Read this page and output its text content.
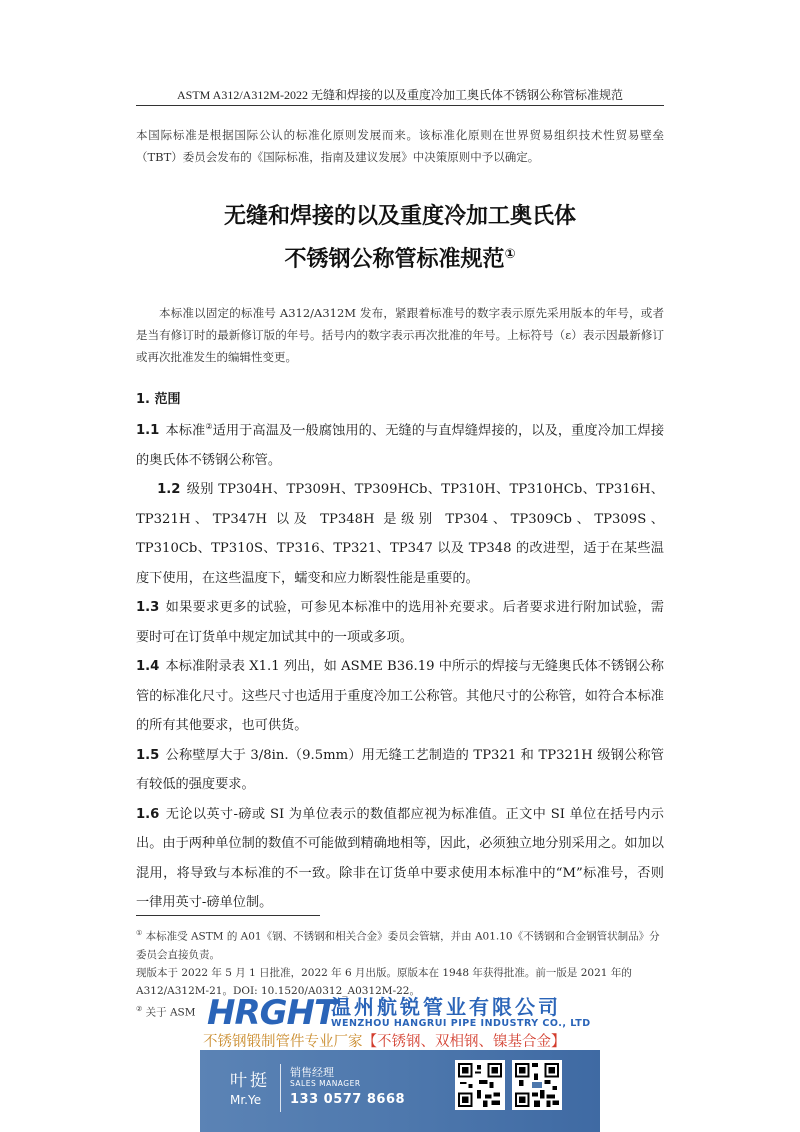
ASTM A312/A312M-2022 无缝和焊接的以及重度冷加工奥氏体不锈钢公称管标准规范
本国际标准是根据国际公认的标准化原则发展而来。该标准化原则在世界贸易组织技术性贸易壁垒（TBT）委员会发布的《国际标准，指南及建议发展》中决策原则中予以确定。
无缝和焊接的以及重度冷加工奥氏体
不锈钢公称管标准规范①
本标准以固定的标准号 A312/A312M 发布，紧跟着标准号的数字表示原先采用版本的年号，或者是当有修订时的最新修订版的年号。括号内的数字表示再次批准的年号。上标符号（ε）表示因最新修订或再次批准发生的编辑性变更。
1. 范围

1.1 本标准②适用于高温及一般腐蚀用的、无缝的与直焊缝焊接的，以及，重度冷加工焊接的奥氏体不锈钢公称管。

1.2 级别 TP304H、TP309H、TP309HCb、TP310H、TP310HCb、TP316H、TP321H、TP347H 以及 TP348H 是级别 TP304、TP309Cb、TP309S、TP310Cb、TP310S、TP316、TP321、TP347 以及 TP348 的改进型，适于在某些温度下使用，在这些温度下，蠕变和应力断裂性能是重要的。

1.3 如果要求更多的试验，可参见本标准中的选用补充要求。后者要求进行附加试验，需要时可在订货单中规定加试其中的一项或多项。

1.4 本标准附录表 X1.1 列出，如 ASME B36.19 中所示的焊接与无缝奥氏体不锈钢公称管的标准化尺寸。这些尺寸也适用于重度冷加工公称管。其他尺寸的公称管，如符合本标准的所有其他要求，也可供货。

1.5 公称壁厚大于 3/8in.（9.5mm）用无缝工艺制造的 TP321 和 TP321H 级钢公称管有较低的强度要求。

1.6 无论以英寸-磅或 SI 为单位表示的数值都应视为标准值。正文中 SI 单位在括号内示出。由于两种单位制的数值不可能做到精确地相等，因此，必须独立地分别采用之。如加以混用，将导致与本标准的不一致。除非在订货单中要求使用本标准中的“M”标准号，否则一律用英寸-磅单位制。

① 本标准受 ASTM 的 A01《钢、不锈钢和相关合金》委员会管辖，并由 A01.10《不锈钢和合金钢管状制品》分委员会直接负责。

现版本于 2022 年 5 月 1 日批准，2022 年 6 月出版。原版本在 1948 年获得批准。前一版是 2021 年的 A312/A312M-21。DOI: 10.1520/A0312_A0312M-22。

② 关于 ASM HRGHT
温州航锐管业有限公司
WENZHOU HANGRUI PIPE INDUSTRY CO., LTD
不锈钢锻制管件专业厂家【不锈钢、双相钢、镍基合金】
叶挺
Mr.Ye
销售经理
SALES MANAGER
133 0577 8668
